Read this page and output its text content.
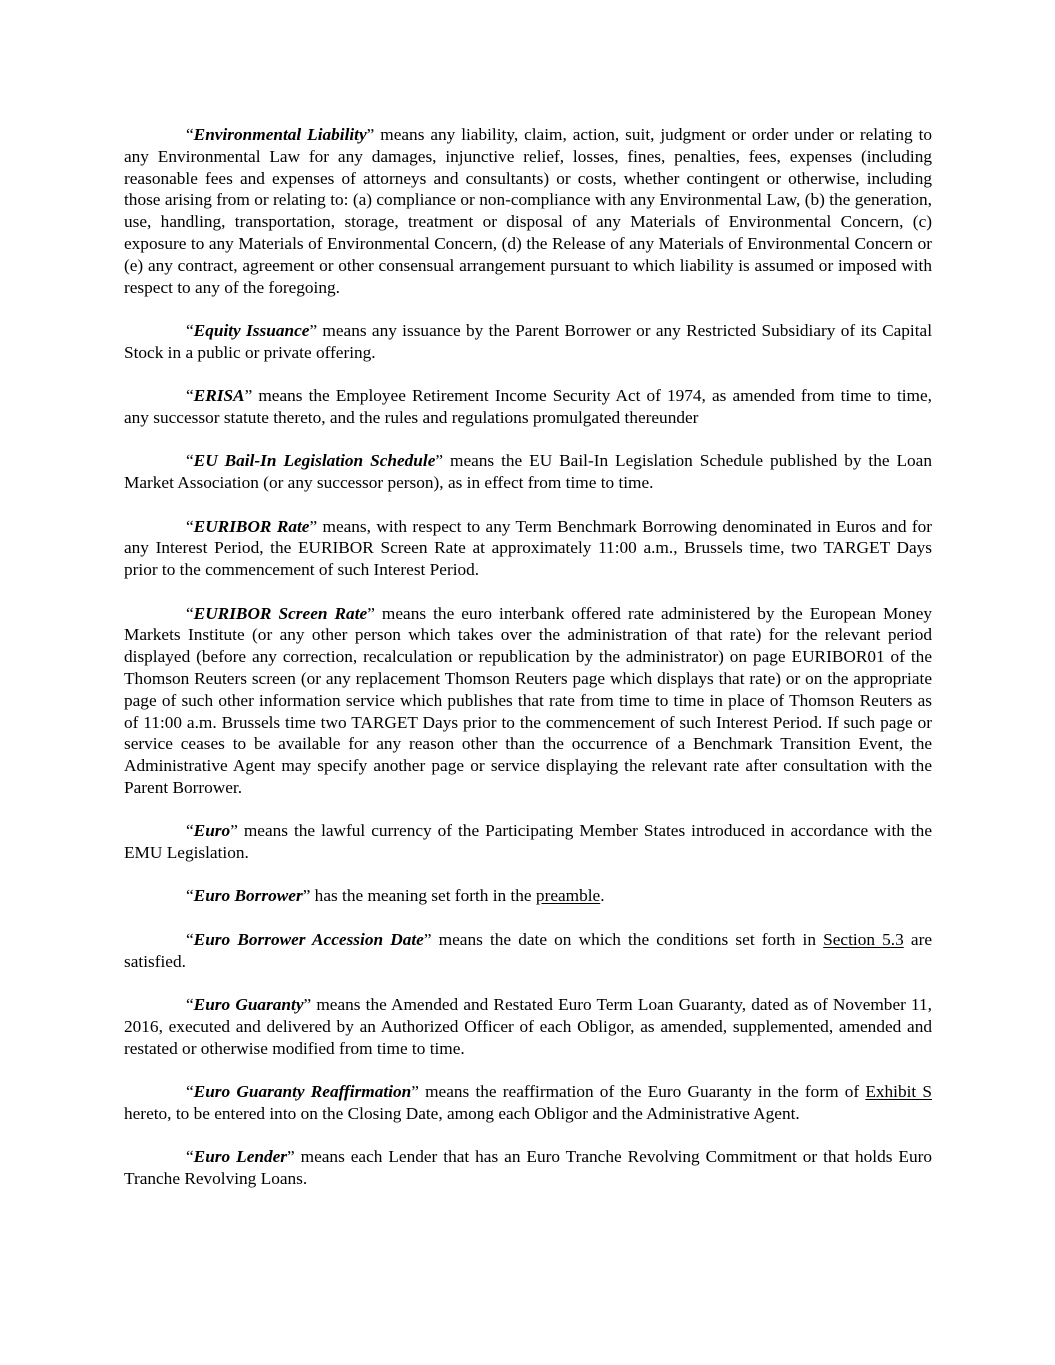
“Environmental Liability” means any liability, claim, action, suit, judgment or order under or relating to any Environmental Law for any damages, injunctive relief, losses, fines, penalties, fees, expenses (including reasonable fees and expenses of attorneys and consultants) or costs, whether contingent or otherwise, including those arising from or relating to: (a) compliance or non-compliance with any Environmental Law, (b) the generation, use, handling, transportation, storage, treatment or disposal of any Materials of Environmental Concern, (c) exposure to any Materials of Environmental Concern, (d) the Release of any Materials of Environmental Concern or (e) any contract, agreement or other consensual arrangement pursuant to which liability is assumed or imposed with respect to any of the foregoing.

“Equity Issuance” means any issuance by the Parent Borrower or any Restricted Subsidiary of its Capital Stock in a public or private offering.

“ERISA” means the Employee Retirement Income Security Act of 1974, as amended from time to time, any successor statute thereto, and the rules and regulations promulgated thereunder

“EU Bail-In Legislation Schedule” means the EU Bail-In Legislation Schedule published by the Loan Market Association (or any successor person), as in effect from time to time.

“EURIBOR Rate” means, with respect to any Term Benchmark Borrowing denominated in Euros and for any Interest Period, the EURIBOR Screen Rate at approximately 11:00 a.m., Brussels time, two TARGET Days prior to the commencement of such Interest Period.

“EURIBOR Screen Rate” means the euro interbank offered rate administered by the European Money Markets Institute (or any other person which takes over the administration of that rate) for the relevant period displayed (before any correction, recalculation or republication by the administrator) on page EURIBOR01 of the Thomson Reuters screen (or any replacement Thomson Reuters page which displays that rate) or on the appropriate page of such other information service which publishes that rate from time to time in place of Thomson Reuters as of 11:00 a.m. Brussels time two TARGET Days prior to the commencement of such Interest Period. If such page or service ceases to be available for any reason other than the occurrence of a Benchmark Transition Event, the Administrative Agent may specify another page or service displaying the relevant rate after consultation with the Parent Borrower.

“Euro” means the lawful currency of the Participating Member States introduced in accordance with the EMU Legislation.

“Euro Borrower” has the meaning set forth in the preamble.

“Euro Borrower Accession Date” means the date on which the conditions set forth in Section 5.3 are satisfied.

“Euro Guaranty” means the Amended and Restated Euro Term Loan Guaranty, dated as of November 11, 2016, executed and delivered by an Authorized Officer of each Obligor, as amended, supplemented, amended and restated or otherwise modified from time to time.

“Euro Guaranty Reaffirmation” means the reaffirmation of the Euro Guaranty in the form of Exhibit S hereto, to be entered into on the Closing Date, among each Obligor and the Administrative Agent.

“Euro Lender” means each Lender that has an Euro Tranche Revolving Commitment or that holds Euro Tranche Revolving Loans.
